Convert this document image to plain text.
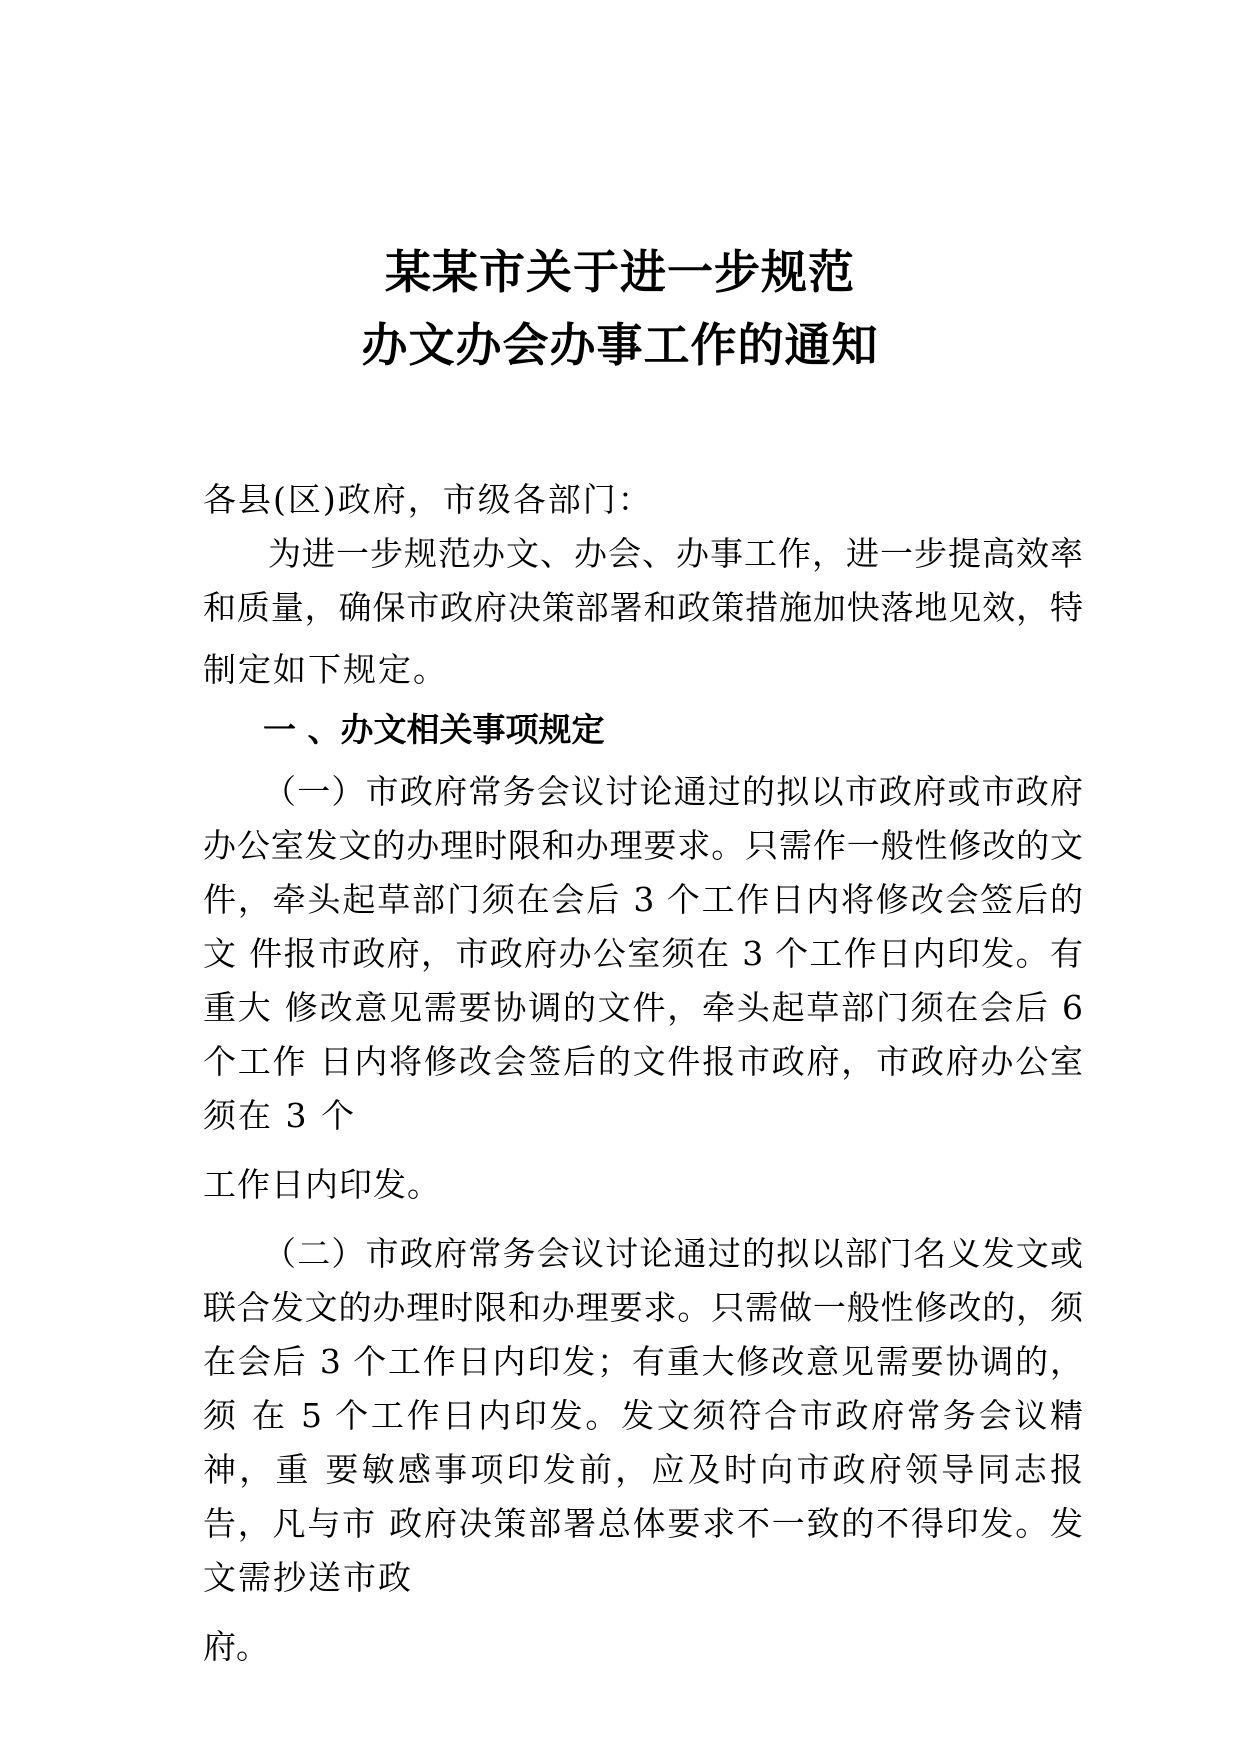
某某市关于进一步规范
办文办会办事工作的通知
各县(区)政府，市级各部门：
为进一步规范办文、办会、办事工作，进一步提高效率
和质量，确保市政府决策部署和政策措施加快落地见效，特
制定如下规定。
一 、办文相关事项规定
（一）市政府常务会议讨论通过的拟以市政府或市政府
办公室发文的办理时限和办理要求。只需作一般性修改的文
件，牵头起草部门须在会后 3 个工作日内将修改会签后的
文 件报市政府，市政府办公室须在 3 个工作日内印发。有
重大 修改意见需要协调的文件，牵头起草部门须在会后 6
个工作 日内将修改会签后的文件报市政府，市政府办公室
须在 3 个
工作日内印发。
（二）市政府常务会议讨论通过的拟以部门名义发文或
联合发文的办理时限和办理要求。只需做一般性修改的，须
在会后 3 个工作日内印发；有重大修改意见需要协调的，
须 在 5 个工作日内印发。发文须符合市政府常务会议精
神，重 要敏感事项印发前，应及时向市政府领导同志报
告，凡与市 政府决策部署总体要求不一致的不得印发。发
文需抄送市政
府。
